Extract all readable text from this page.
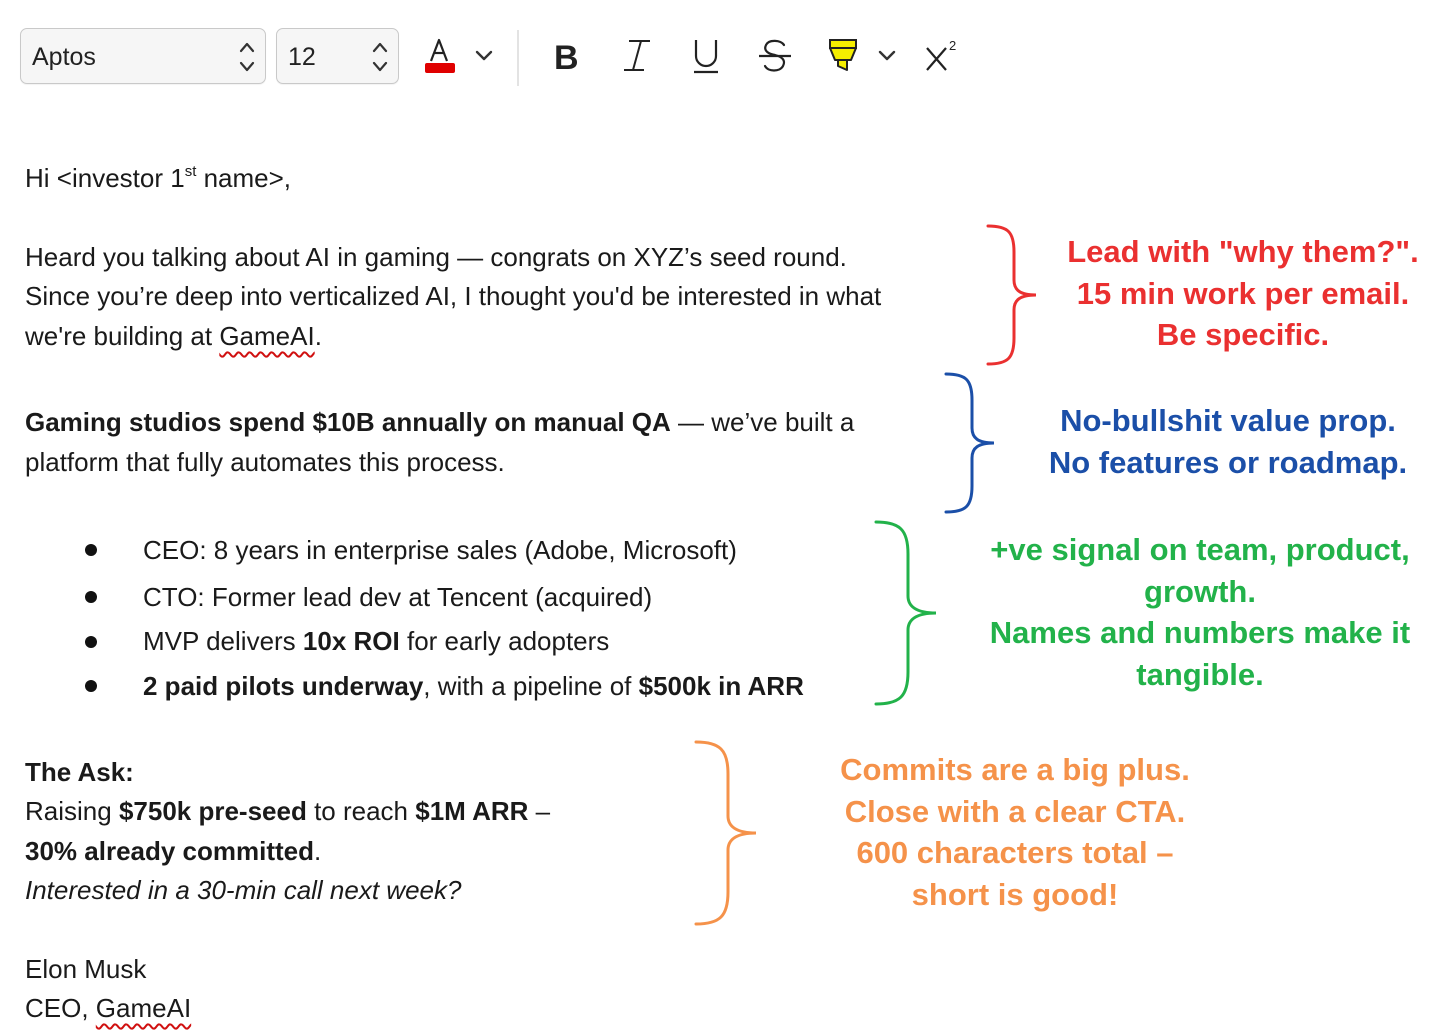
Aptos	12	B	2
Hi <investor 1st name>,
Heard you talking about AI in gaming — congrats on XYZ’s seed round.
Since you’re deep into verticalized AI, I thought you'd be interested in what
we're building at GameAI.
Gaming studios spend $10B annually on manual QA — we’ve built a
platform that fully automates this process.
CEO: 8 years in enterprise sales (Adobe, Microsoft)
CTO: Former lead dev at Tencent (acquired)
MVP delivers 10x ROI for early adopters
2 paid pilots underway, with a pipeline of $500k in ARR
The Ask:
Raising $750k pre-seed to reach $1M ARR –
30% already committed.
Interested in a 30-min call next week?
Elon Musk
CEO, GameAI
Lead with "why them?".
15 min work per email.
Be specific.
No-bullshit value prop.
No features or roadmap.
+ve signal on team, product,
growth.
Names and numbers make it
tangible.
Commits are a big plus.
Close with a clear CTA.
600 characters total –
short is good!
